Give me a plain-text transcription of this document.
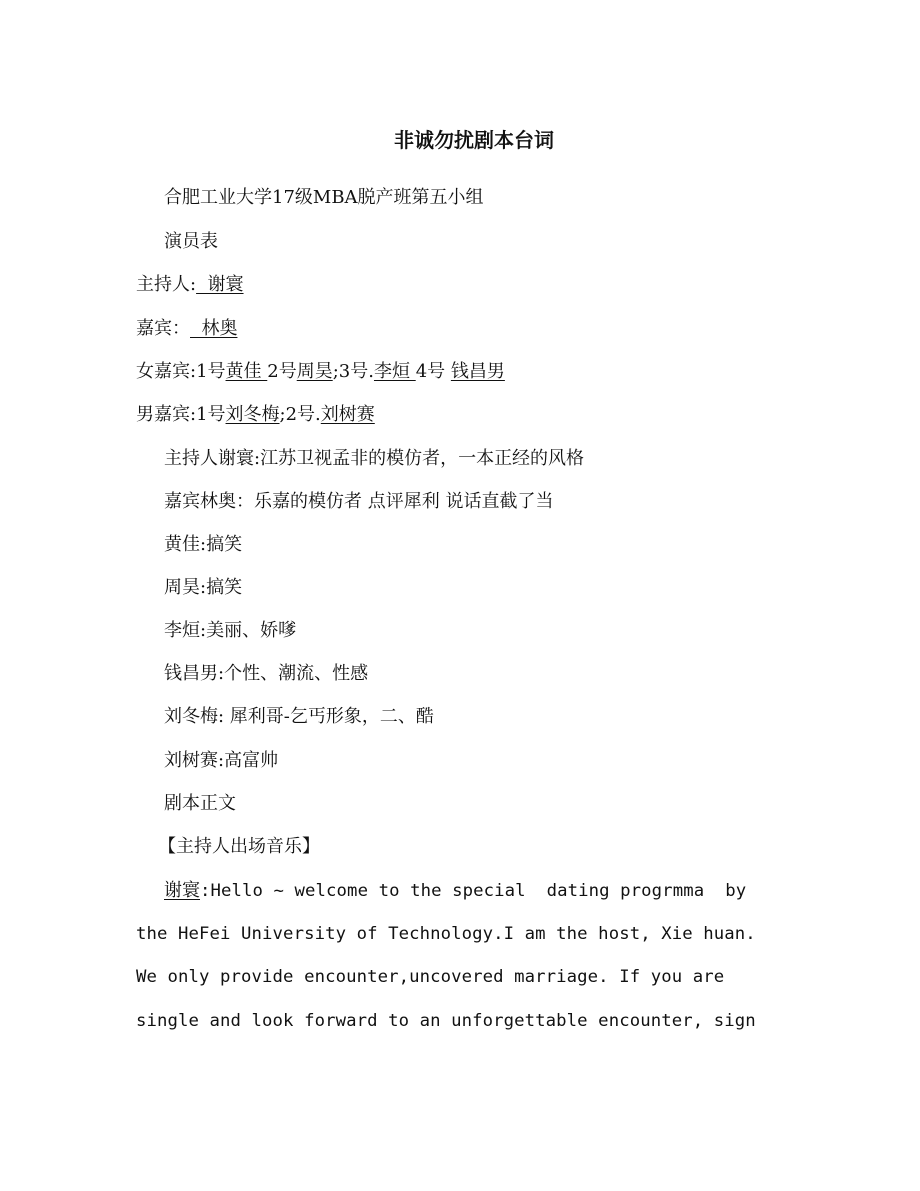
非诚勿扰剧本台词
合肥工业大学17级MBA脱产班第五小组
演员表
主持人:  谢寰
嘉宾：  林奥
女嘉宾:1号黄佳 2号周昊;3号.李烜 4号 钱昌男
男嘉宾:1号刘冬梅;2号.刘树赛
主持人谢寰:江苏卫视孟非的模仿者，一本正经的风格
嘉宾林奥：乐嘉的模仿者 点评犀利 说话直截了当
黄佳:搞笑
周昊:搞笑
李烜:美丽、娇嗲
钱昌男:个性、潮流、性感
刘冬梅: 犀利哥-乞丐形象，二、酷
刘树赛:高富帅
剧本正文
【主持人出场音乐】
谢寰:Hello ~ welcome to the special  dating progrmma  by
the HeFei University of Technology.I am the host, Xie huan.
We only provide encounter,uncovered marriage. If you are
single and look forward to an unforgettable encounter, sign
